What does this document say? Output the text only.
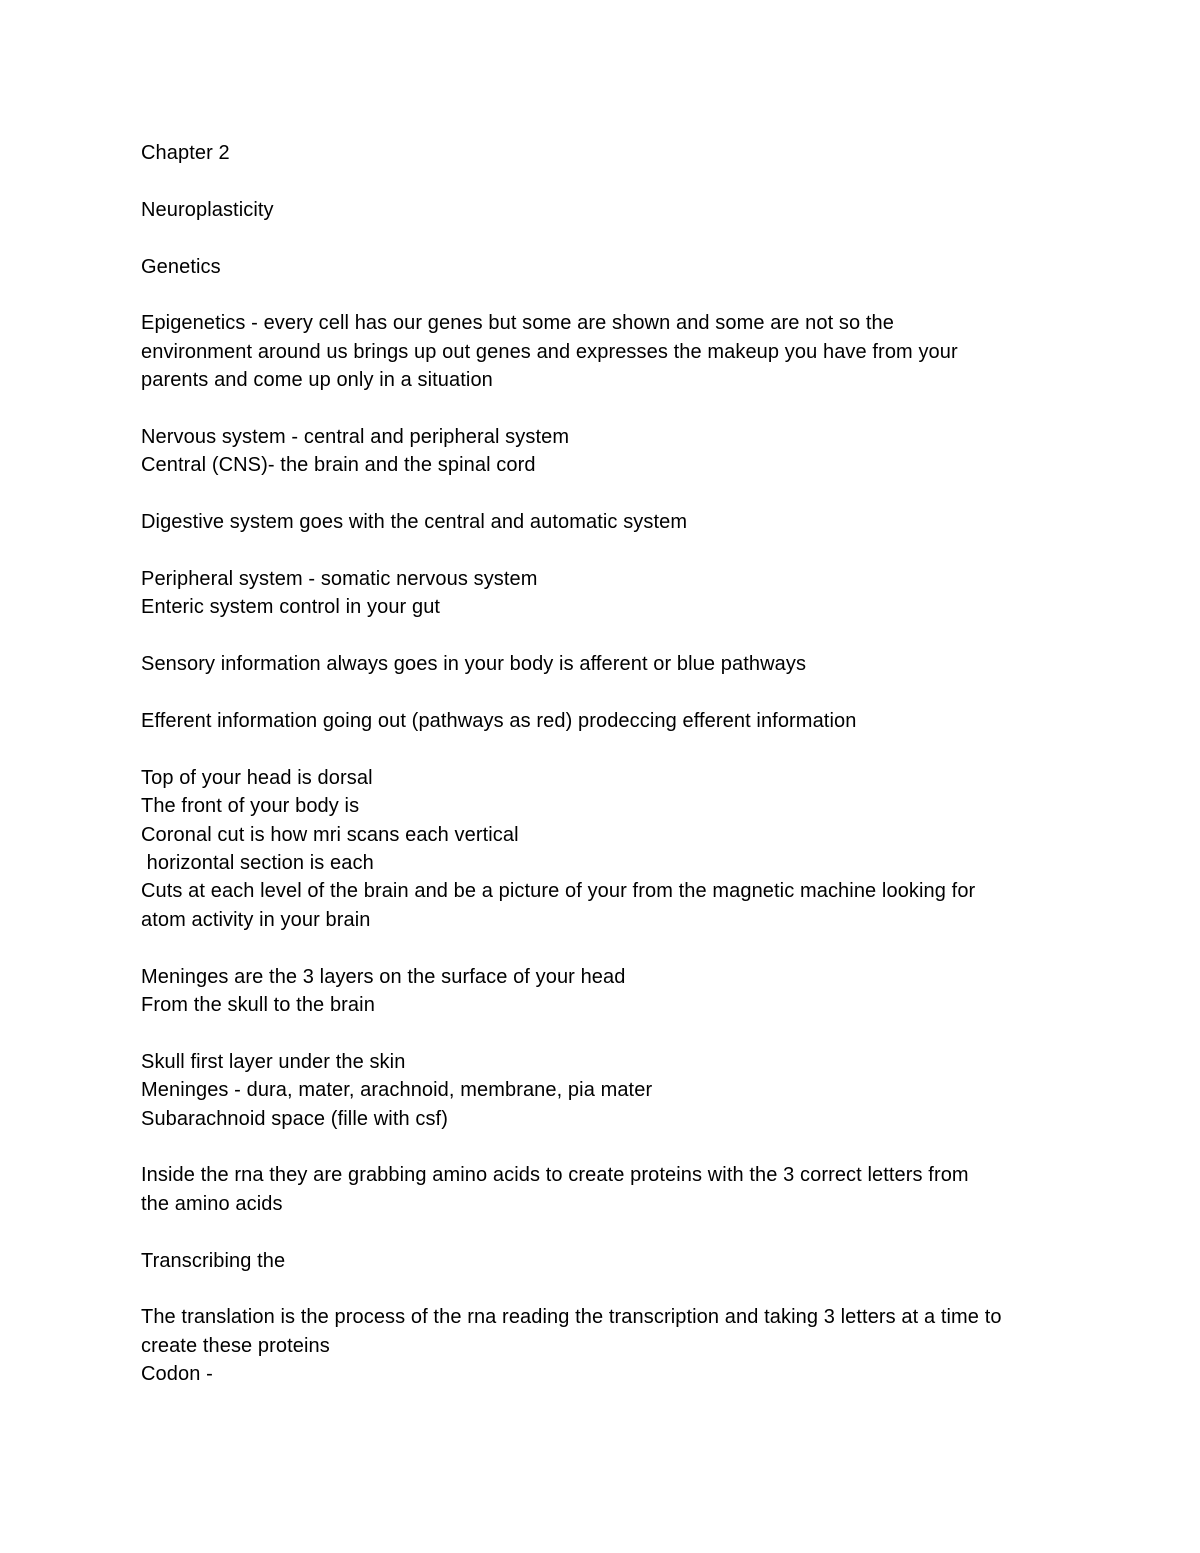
Chapter 2
Neuroplasticity
Genetics
Epigenetics - every cell has our genes but some are shown and some are not so the
environment around us brings up out genes and expresses the makeup you have from your
parents and come up only in a situation
Nervous system - central and peripheral system
Central (CNS)- the brain and the spinal cord
Digestive system goes with the central and automatic system
Peripheral system - somatic nervous system
Enteric system control in your gut
Sensory information always goes in your body is afferent or blue pathways
Efferent information going out (pathways as red) prodeccing efferent information
Top of your head is dorsal
The front of your body is
Coronal cut is how mri scans each vertical
horizontal section is each
Cuts at each level of the brain and be a picture of your from the magnetic machine looking for
atom activity in your brain
Meninges are the 3 layers on the surface of your head
From the skull to the brain
Skull first layer under the skin
Meninges - dura, mater, arachnoid, membrane, pia mater
Subarachnoid space (fille with csf)
Inside the rna they are grabbing amino acids to create proteins with the 3 correct letters from
the amino acids
Transcribing the
The translation is the process of the rna reading the transcription and taking 3 letters at a time to
create these proteins
Codon -
